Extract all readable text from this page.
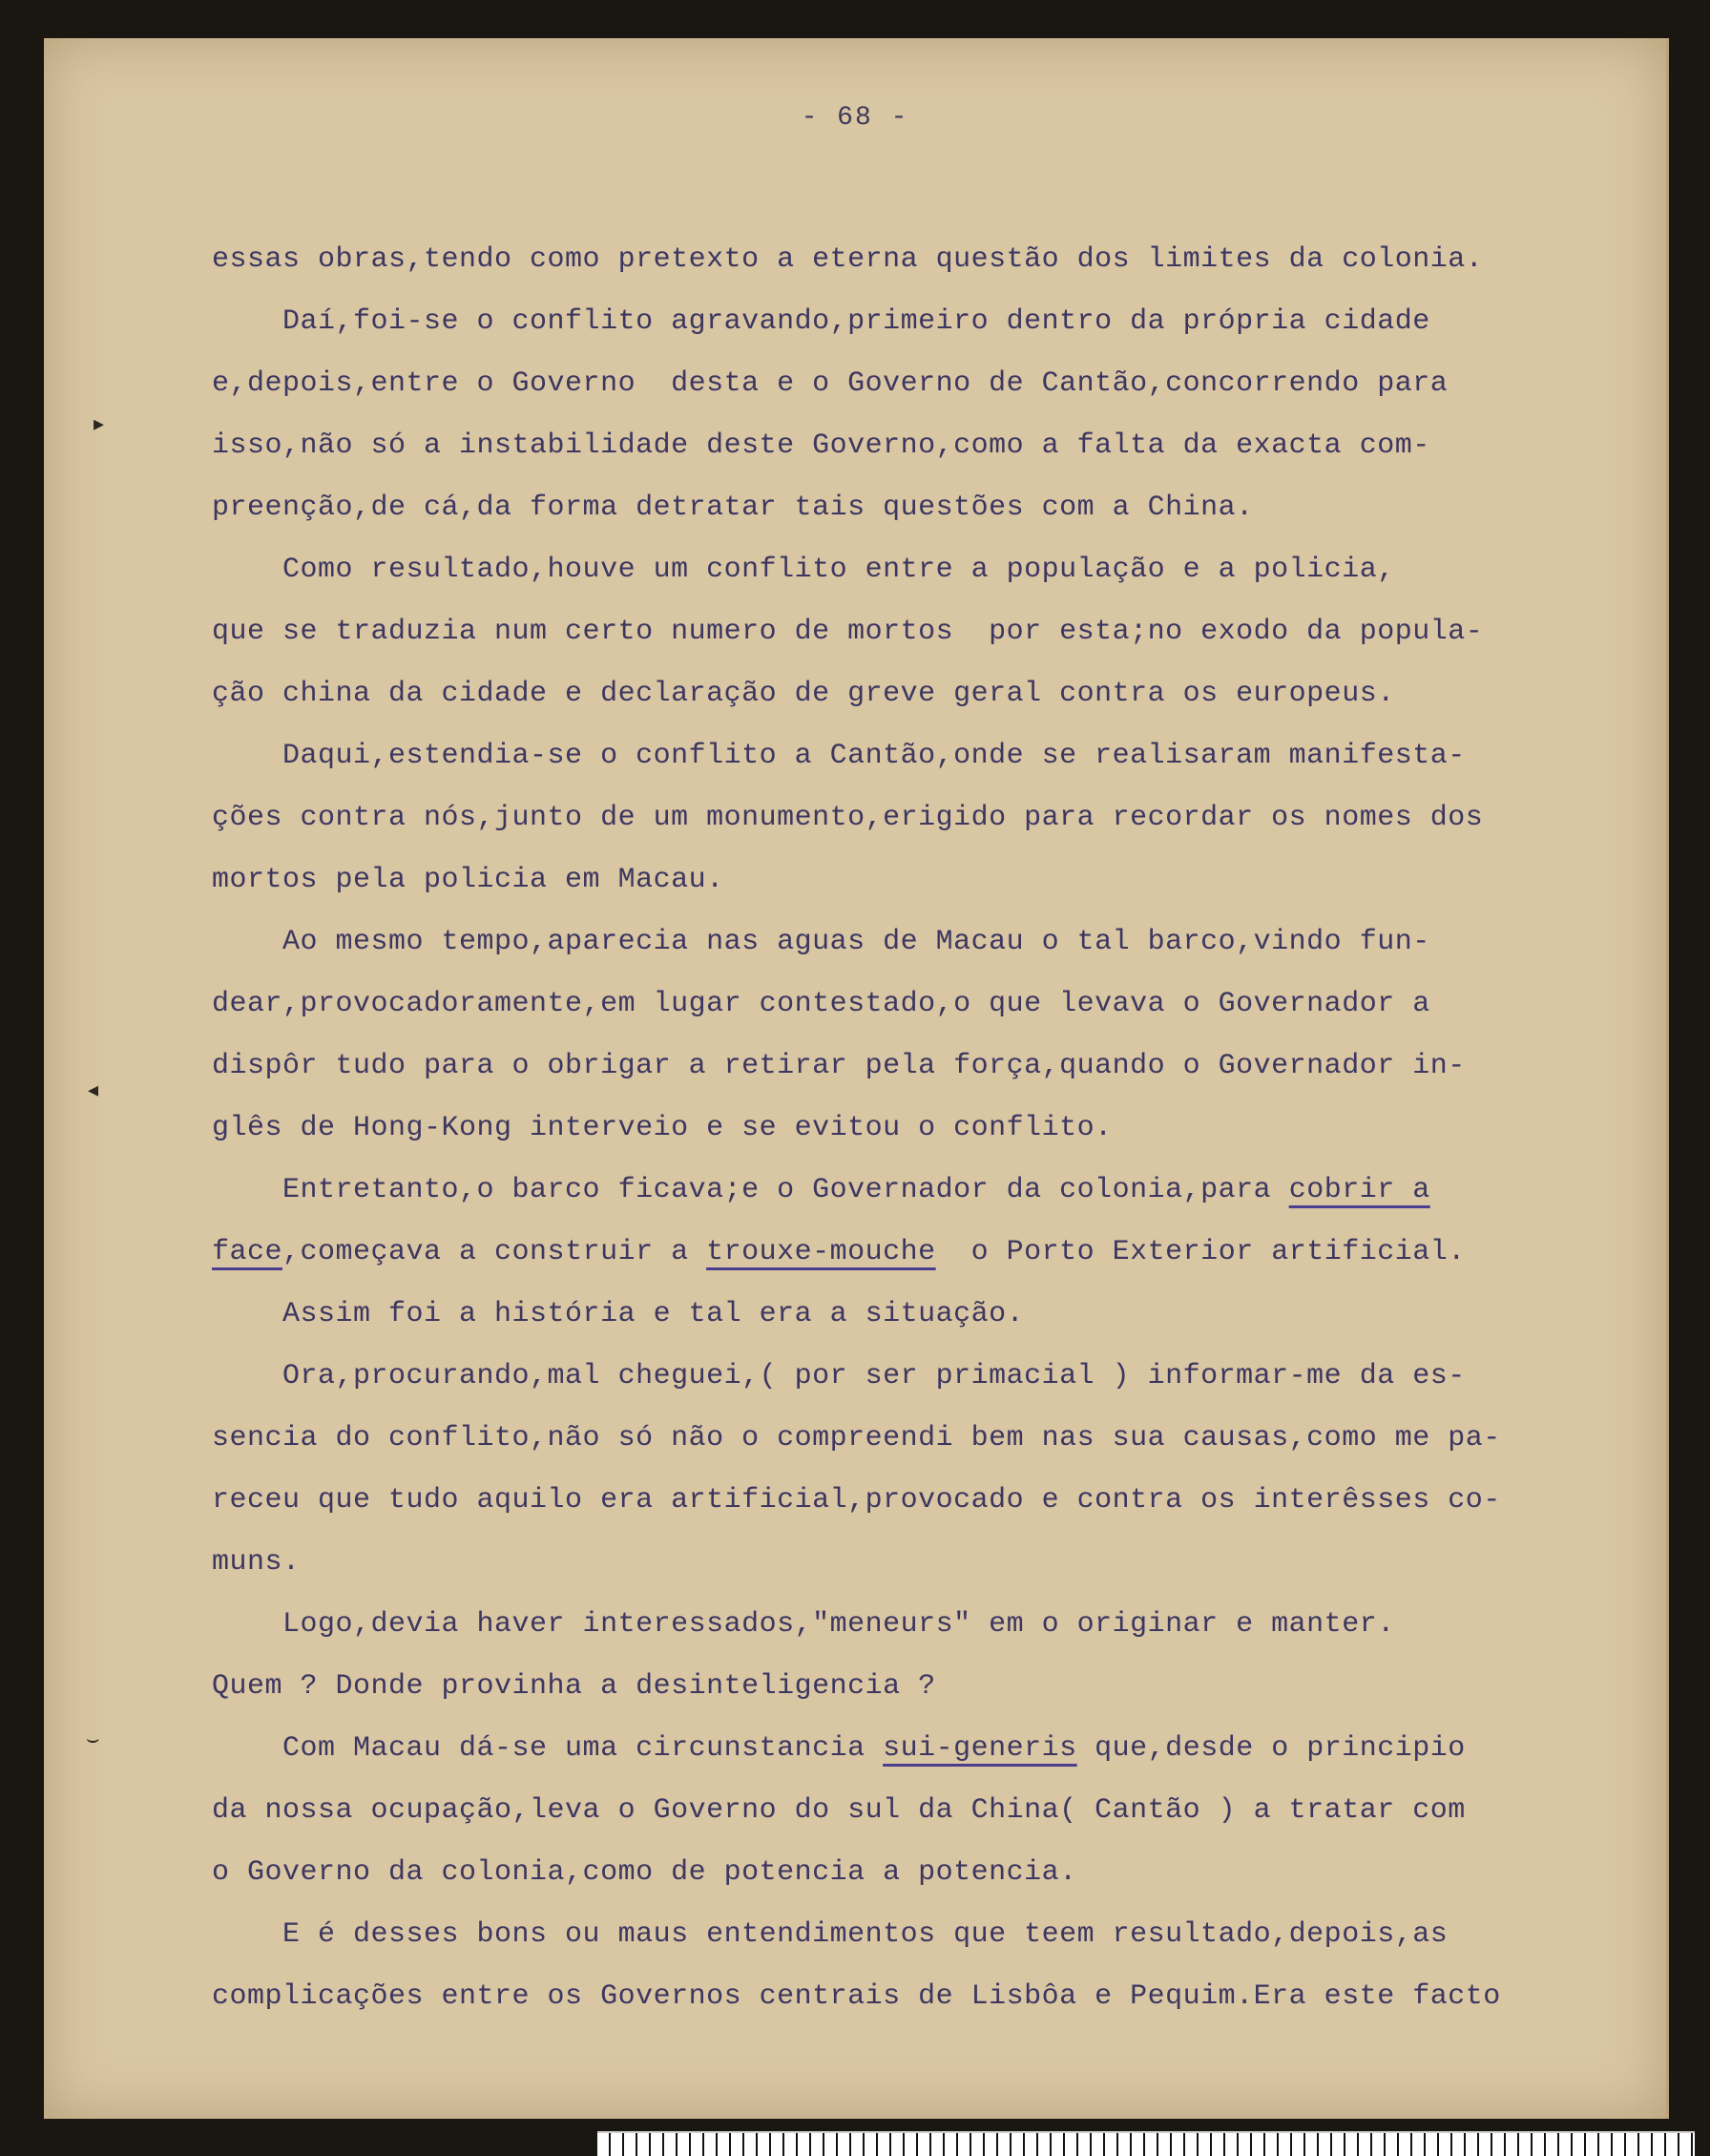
- 68 -
▸
◂
⌣
essas obras,tendo como pretexto a eterna questão dos limites da colonia.
Daí,foi-se o conflito agravando,primeiro dentro da própria cidade
e,depois,entre o Governo  desta e o Governo de Cantão,concorrendo para
isso,não só a instabilidade deste Governo,como a falta da exacta com-
preenção,de cá,da forma detratar tais questões com a China.
Como resultado,houve um conflito entre a população e a policia,
que se traduzia num certo numero de mortos  por esta;no exodo da popula-
ção china da cidade e declaração de greve geral contra os europeus.
Daqui,estendia-se o conflito a Cantão,onde se realisaram manifesta-
ções contra nós,junto de um monumento,erigido para recordar os nomes dos
mortos pela policia em Macau.
Ao mesmo tempo,aparecia nas aguas de Macau o tal barco,vindo fun-
dear,provocadoramente,em lugar contestado,o que levava o Governador a
dispôr tudo para o obrigar a retirar pela força,quando o Governador in-
glês de Hong-Kong interveio e se evitou o conflito.
Entretanto,o barco ficava;e o Governador da colonia,para cobrir a
face,começava a construir a trouxe-mouche  o Porto Exterior artificial.
Assim foi a história e tal era a situação.
Ora,procurando,mal cheguei,( por ser primacial ) informar-me da es-
sencia do conflito,não só não o compreendi bem nas sua causas,como me pa-
receu que tudo aquilo era artificial,provocado e contra os interêsses co-
muns.
Logo,devia haver interessados,"meneurs" em o originar e manter.
Quem ? Donde provinha a desinteligencia ?
Com Macau dá-se uma circunstancia sui-generis que,desde o principio
da nossa ocupação,leva o Governo do sul da China( Cantão ) a tratar com
o Governo da colonia,como de potencia a potencia.
E é desses bons ou maus entendimentos que teem resultado,depois,as
complicações entre os Governos centrais de Lisbôa e Pequim.Era este facto
